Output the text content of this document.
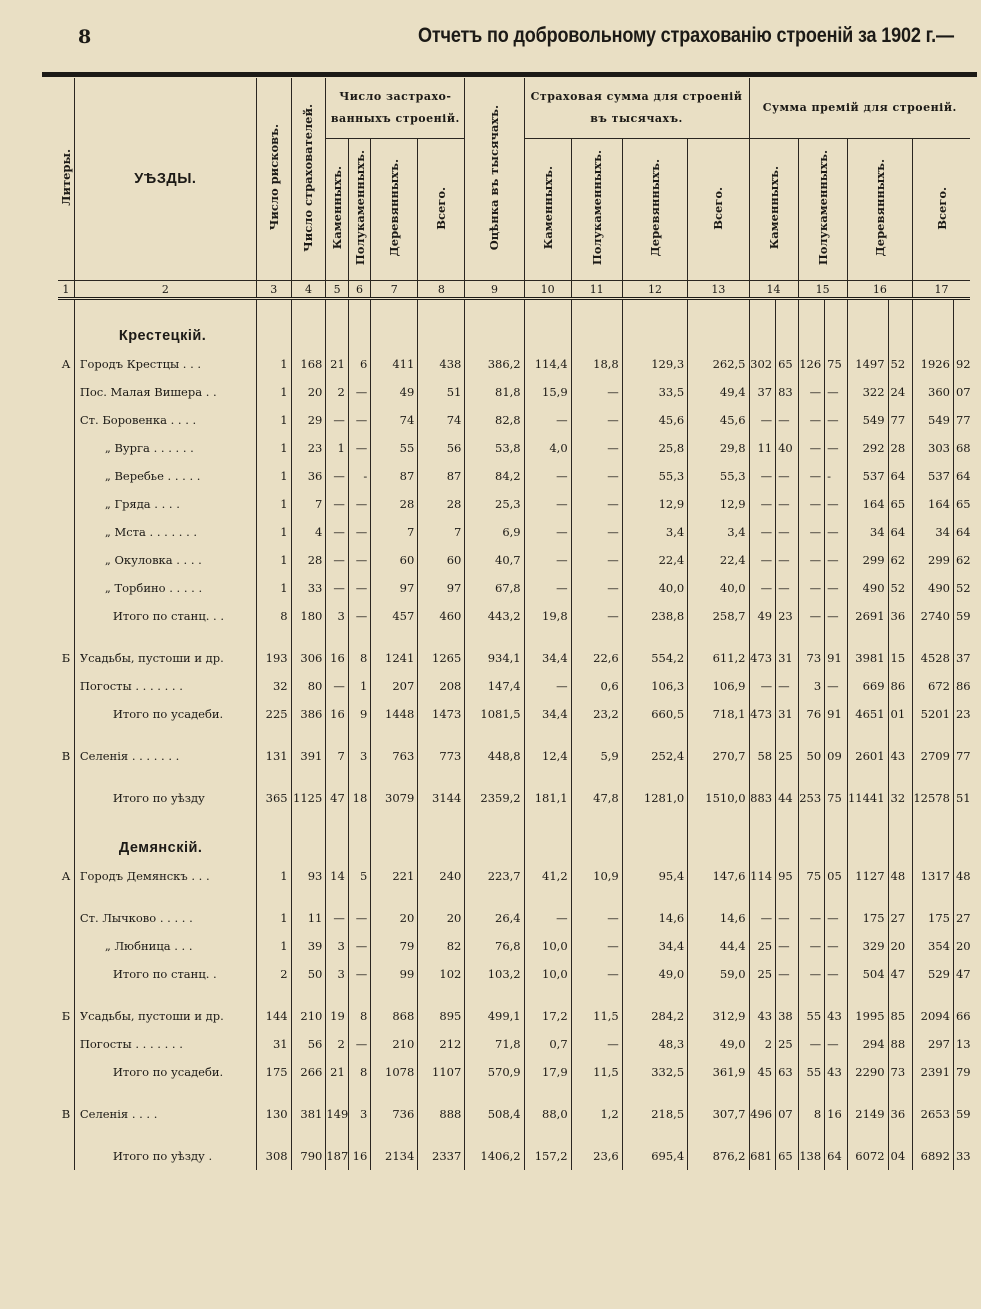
8	Отчетъ по добровольному страхованію строеній за 1902 г.—
Литеры.	УѢЗДЫ.	Число рисковъ.	Число страхователей.	Число застрахо-ванныхъ строеній.				Оцѣнка въ тысячахъ.	Страховая сумма для строеній въ тысячахъ.				Сумма премій для строеній.							
				Каменныхъ.	Полукаменныхъ.	Деревянныхъ.	Всего.		Каменныхъ.	Полукаменныхъ.	Деревянныхъ.	Всего.	Каменныхъ.		Полукаменныхъ.		Деревянныхъ.		Всего.	
1	2	3	4	5	6	7	8	9	10	11	12	13	14		15		16		17	
	Крестецкій.																			
А	Городъ Крестцы . . .	1	168	21	6	411	438	386,2	114,4	18,8	129,3	262,5	302	65	126	75	1497	52	1926	92
	Пос. Малая Вишера . .	1	20	2	—	49	51	81,8	15,9	—	33,5	49,4	37	83	—	—	322	24	360	07
	Ст. Боровенка . . . .	1	29	—	—	74	74	82,8	—	—	45,6	45,6	—	—	—	—	549	77	549	77
	„ Вурга . . . . . .	1	23	1	—	55	56	53,8	4,0	—	25,8	29,8	11	40	—	—	292	28	303	68
	„ Веребье . . . . .	1	36	—	-	87	87	84,2	—	—	55,3	55,3	—	—	—	-	537	64	537	64
	„ Гряда . . . .	1	7	—	—	28	28	25,3	—	—	12,9	12,9	—	—	—	—	164	65	164	65
	„ Мста . . . . . . .	1	4	—	—	7	7	6,9	—	—	3,4	3,4	—	—	—	—	34	64	34	64
	„ Окуловка . . . .	1	28	—	—	60	60	40,7	—	—	22,4	22,4	—	—	—	—	299	62	299	62
	„ Торбино . . . . .	1	33	—	—	97	97	67,8	—	—	40,0	40,0	—	—	—	—	490	52	490	52
	Итого по станц. . .	8	180	3	—	457	460	443,2	19,8	—	238,8	258,7	49	23	—	—	2691	36	2740	59

Б	Усадьбы, пустоши и др.	193	306	16	8	1241	1265	934,1	34,4	22,6	554,2	611,2	473	31	73	91	3981	15	4528	37
	Погосты . . . . . . .	32	80	—	1	207	208	147,4	—	0,6	106,3	106,9	—	—	3	—	669	86	672	86
	Итого по усадеби.	225	386	16	9	1448	1473	1081,5	34,4	23,2	660,5	718,1	473	31	76	91	4651	01	5201	23

В	Селенія . . . . . . .	131	391	7	3	763	773	448,8	12,4	5,9	252,4	270,7	58	25	50	09	2601	43	2709	77

	Итого по уѣзду	365	1125	47	18	3079	3144	2359,2	181,1	47,8	1281,0	1510,0	883	44	253	75	11441	32	12578	51
	Демянскій.																			
А	Городъ Демянскъ . . .	1	93	14	5	221	240	223,7	41,2	10,9	95,4	147,6	114	95	75	05	1127	48	1317	48

	Ст. Лычково . . . . .	1	11	—	—	20	20	26,4	—	—	14,6	14,6	—	—	—	—	175	27	175	27
	„ Любница . . .	1	39	3	—	79	82	76,8	10,0	—	34,4	44,4	25	—	—	—	329	20	354	20
	Итого по станц. .	2	50	3	—	99	102	103,2	10,0	—	49,0	59,0	25	—	—	—	504	47	529	47

Б	Усадьбы, пустоши и др.	144	210	19	8	868	895	499,1	17,2	11,5	284,2	312,9	43	38	55	43	1995	85	2094	66
	Погосты . . . . . . .	31	56	2	—	210	212	71,8	0,7	—	48,3	49,0	2	25	—	—	294	88	297	13
	Итого по усадеби.	175	266	21	8	1078	1107	570,9	17,9	11,5	332,5	361,9	45	63	55	43	2290	73	2391	79

В	Селенія . . . .	130	381	149	3	736	888	508,4	88,0	1,2	218,5	307,7	496	07	8	16	2149	36	2653	59

	Итого по уѣзду .	308	790	187	16	2134	2337	1406,2	157,2	23,6	695,4	876,2	681	65	138	64	6072	04	6892	33
